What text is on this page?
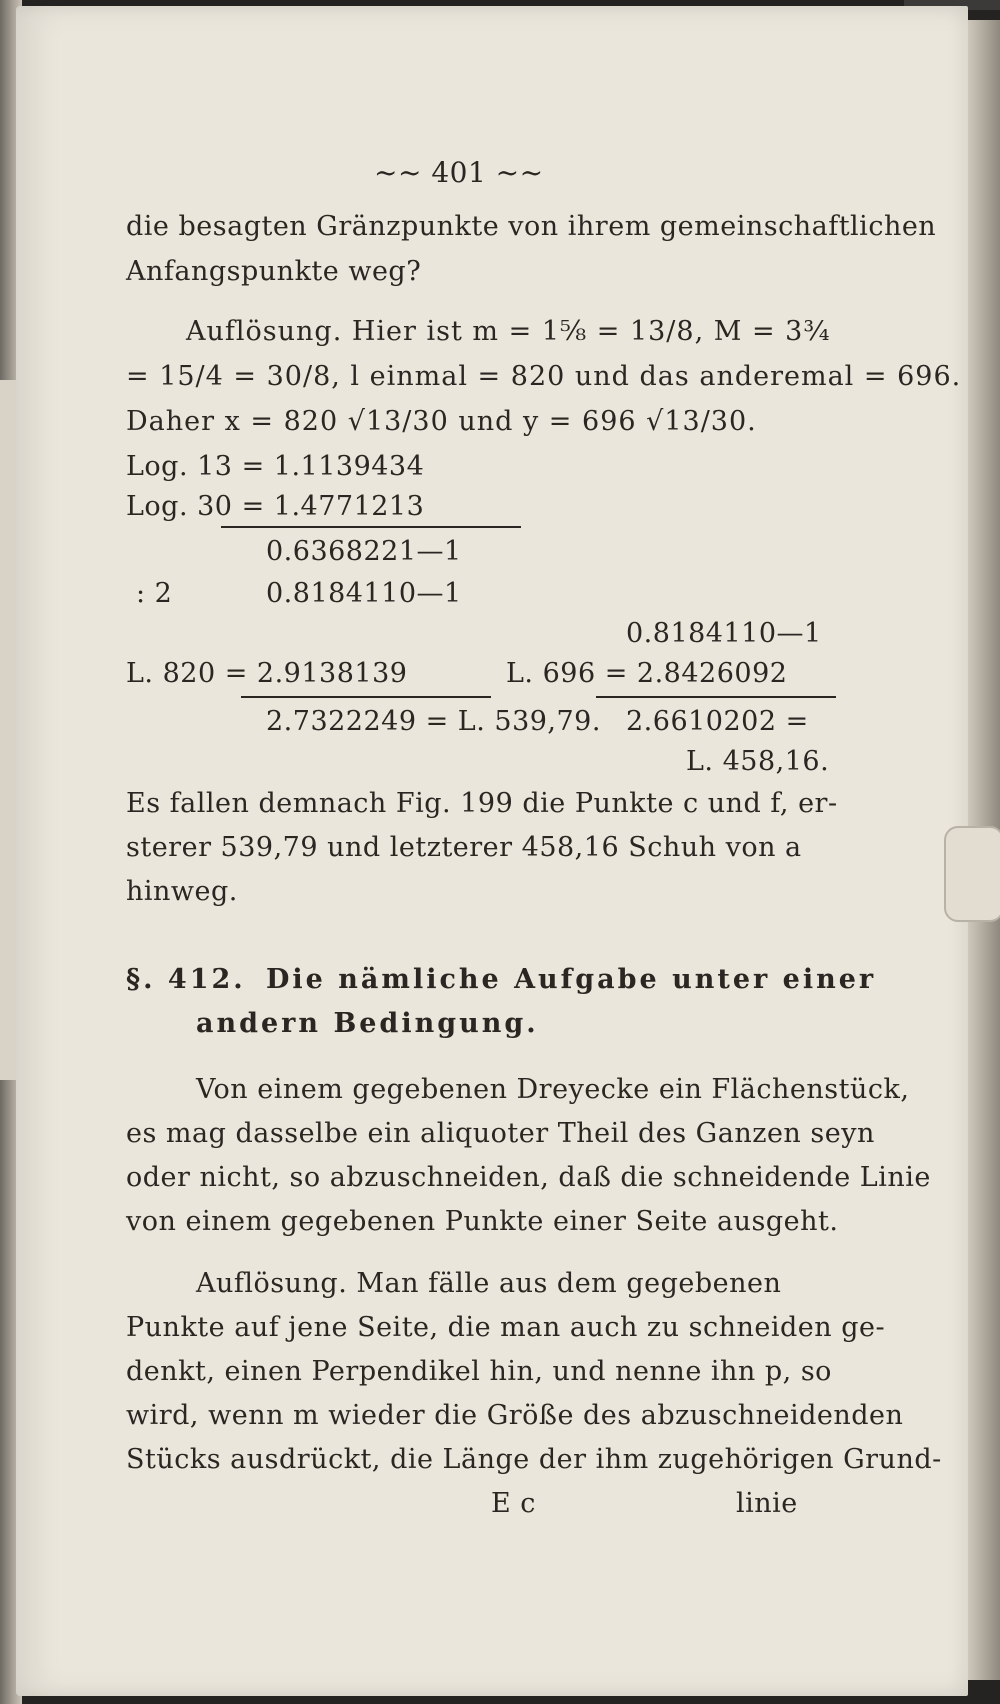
~~ 401 ~~
die besagten Gränzpunkte von ihrem gemeinschaftlichen
Anfangspunkte weg?
Auflösung. Hier ist m = 1⅝ = 13/8, M = 3¾
= 15/4 = 30/8, l einmal = 820 und das anderemal = 696.
Daher x = 820 √13/30 und y = 696 √13/30.
Log. 13 = 1.1139434
Log. 30 = 1.4771213
0.6368221—1
: 2	0.8184110—1
0.8184110—1
L. 820 = 2.9138139	L. 696 = 2.8426092
2.7322249 = L. 539,79. 2.6610202 =
L. 458,16.
Es fallen demnach Fig. 199 die Punkte c und f, er-
sterer 539,79 und letzterer 458,16 Schuh von a
hinweg.
§. 412. Die nämliche Aufgabe unter einer
andern Bedingung.
Von einem gegebenen Dreyecke ein Flächenstück,
es mag dasselbe ein aliquoter Theil des Ganzen seyn
oder nicht, so abzuschneiden, daß die schneidende Linie
von einem gegebenen Punkte einer Seite ausgeht.
Auflösung. Man fälle aus dem gegebenen
Punkte auf jene Seite, die man auch zu schneiden ge-
denkt, einen Perpendikel hin, und nenne ihn p, so
wird, wenn m wieder die Größe des abzuschneidenden
Stücks ausdrückt, die Länge der ihm zugehörigen Grund-
E c	linie
